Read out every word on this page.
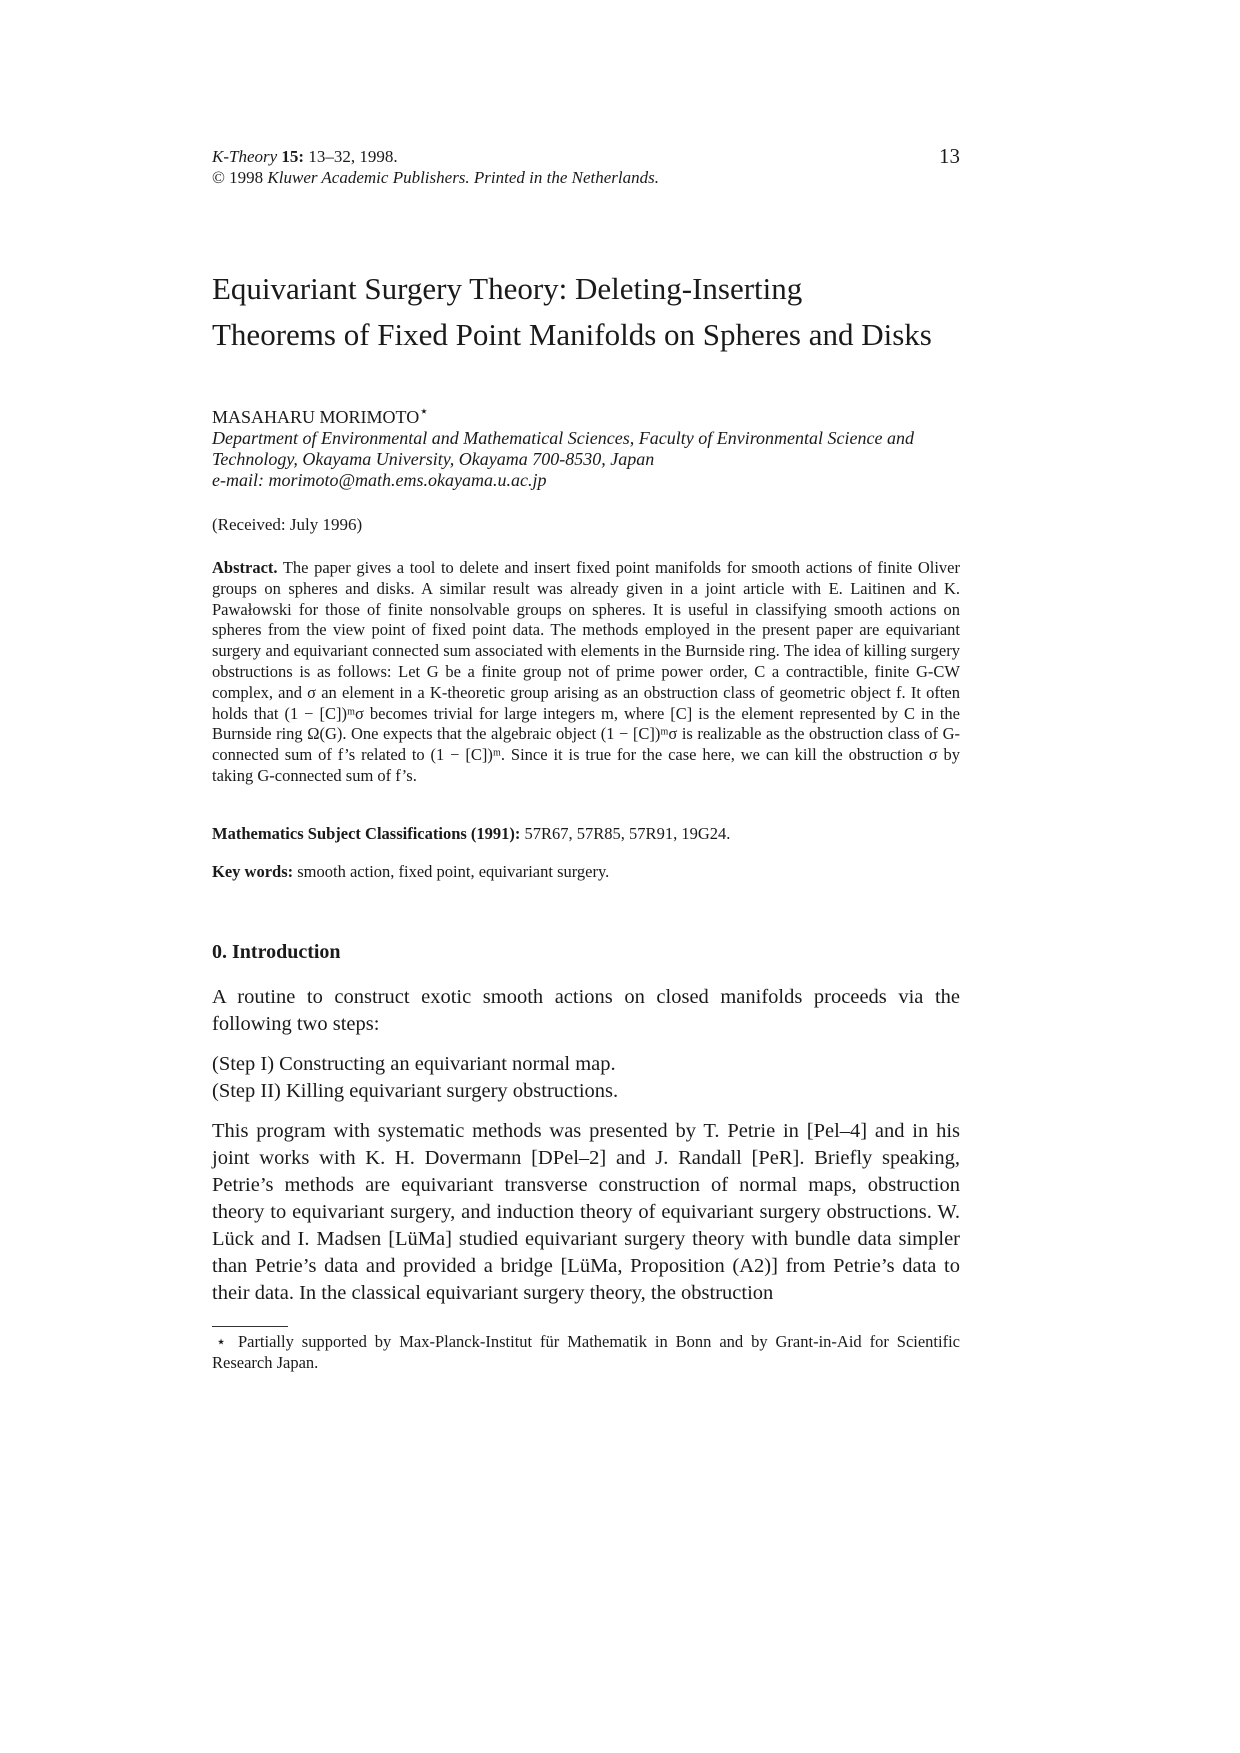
K-Theory 15: 13–32, 1998.
© 1998 Kluwer Academic Publishers. Printed in the Netherlands.
13
Equivariant Surgery Theory: Deleting-Inserting
Theorems of Fixed Point Manifolds on Spheres and Disks
MASAHARU MORIMOTO⋆
Department of Environmental and Mathematical Sciences, Faculty of Environmental Science and
Technology, Okayama University, Okayama 700-8530, Japan
e-mail: morimoto@math.ems.okayama.u.ac.jp
(Received: July 1996)
Abstract. The paper gives a tool to delete and insert fixed point manifolds for smooth actions of finite Oliver groups on spheres and disks. A similar result was already given in a joint article with E. Laitinen and K. Pawałowski for those of finite nonsolvable groups on spheres. It is useful in classifying smooth actions on spheres from the view point of fixed point data. The methods employed in the present paper are equivariant surgery and equivariant connected sum associated with elements in the Burnside ring. The idea of killing surgery obstructions is as follows: Let G be a finite group not of prime power order, C a contractible, finite G-CW complex, and σ an element in a K-theoretic group arising as an obstruction class of geometric object f. It often holds that (1 − [C])ᵐσ becomes trivial for large integers m, where [C] is the element represented by C in the Burnside ring Ω(G). One expects that the algebraic object (1 − [C])ᵐσ is realizable as the obstruction class of G-connected sum of f’s related to (1 − [C])ᵐ. Since it is true for the case here, we can kill the obstruction σ by taking G-connected sum of f’s.
Mathematics Subject Classifications (1991): 57R67, 57R85, 57R91, 19G24.
Key words: smooth action, fixed point, equivariant surgery.
0. Introduction
A routine to construct exotic smooth actions on closed manifolds proceeds via the following two steps:
(Step I) Constructing an equivariant normal map.
(Step II) Killing equivariant surgery obstructions.
This program with systematic methods was presented by T. Petrie in [Pel–4] and in his joint works with K. H. Dovermann [DPel–2] and J. Randall [PeR]. Briefly speaking, Petrie’s methods are equivariant transverse construction of normal maps, obstruction theory to equivariant surgery, and induction theory of equivariant surgery obstructions. W. Lück and I. Madsen [LüMa] studied equivariant surgery theory with bundle data simpler than Petrie’s data and provided a bridge [LüMa, Proposition (A2)] from Petrie’s data to their data. In the classical equivariant surgery theory, the obstruction
⋆ Partially supported by Max-Planck-Institut für Mathematik in Bonn and by Grant-in-Aid for Scientific Research Japan.
